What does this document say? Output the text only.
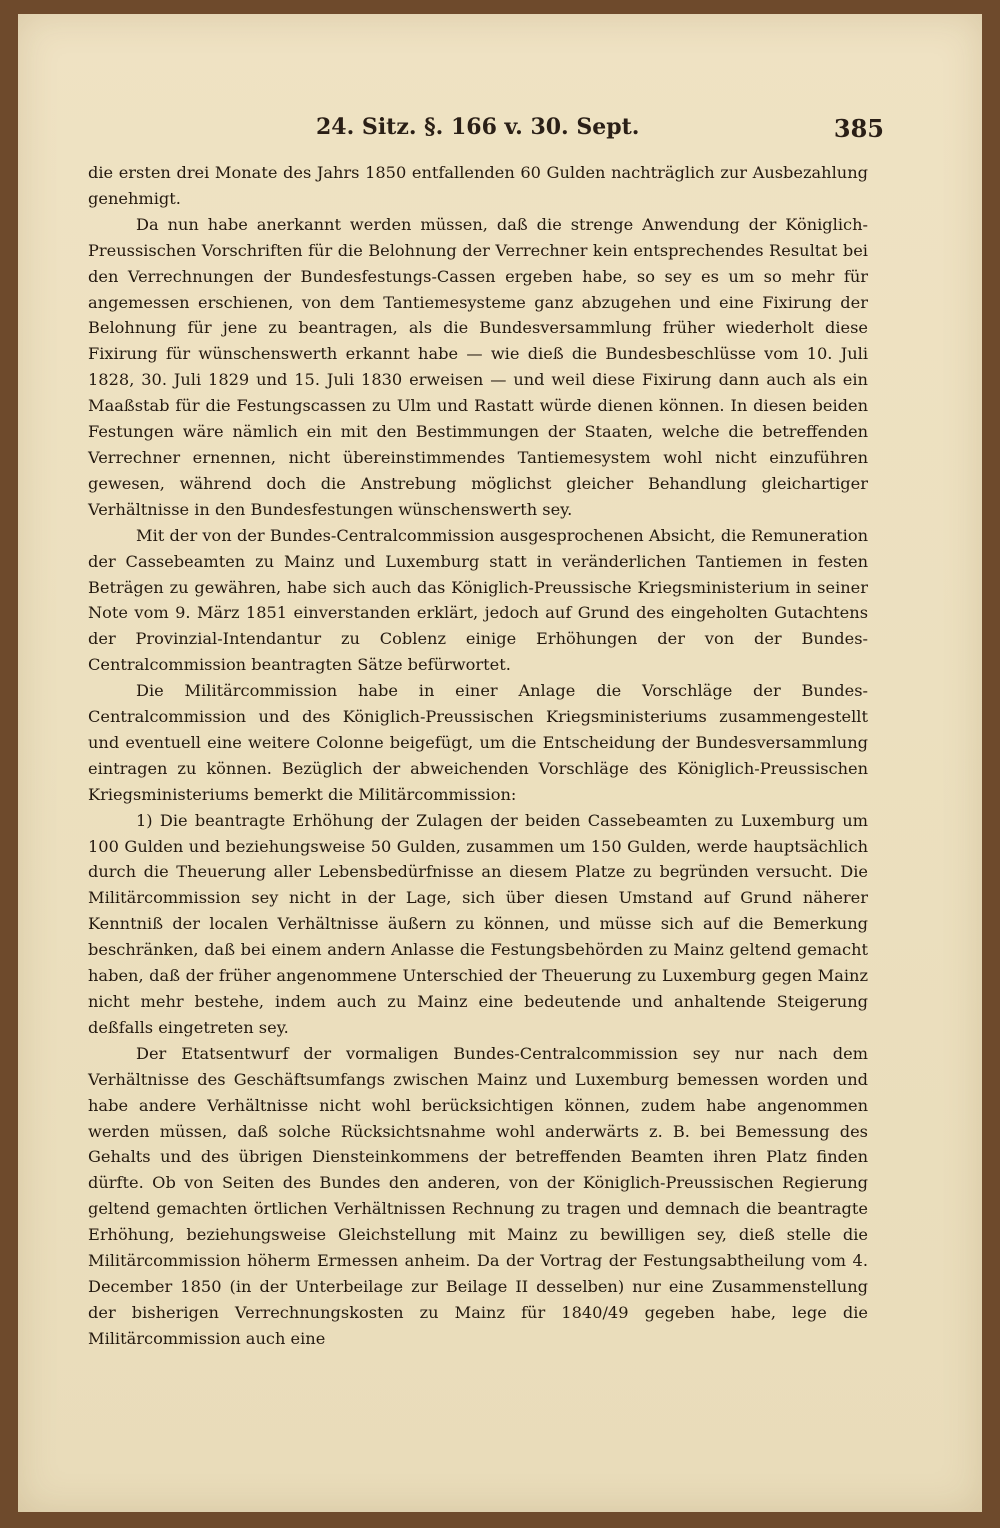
24. Sitz. §. 166 v. 30. Sept.	385

die ersten drei Monate des Jahrs 1850 entfallenden 60 Gulden nachträglich zur Ausbezahlung genehmigt.

Da nun habe anerkannt werden müssen, daß die strenge Anwendung der Königlich-Preussischen Vorschriften für die Belohnung der Verrechner kein entsprechendes Resultat bei den Verrechnungen der Bundesfestungs-Cassen ergeben habe, so sey es um so mehr für angemessen erschienen, von dem Tantiemesysteme ganz abzugehen und eine Fixirung der Belohnung für jene zu beantragen, als die Bundesversammlung früher wiederholt diese Fixirung für wünschenswerth erkannt habe — wie dieß die Bundesbeschlüsse vom 10. Juli 1828, 30. Juli 1829 und 15. Juli 1830 erweisen — und weil diese Fixirung dann auch als ein Maaßstab für die Festungscassen zu Ulm und Rastatt würde dienen können. In diesen beiden Festungen wäre nämlich ein mit den Bestimmungen der Staaten, welche die betreffenden Verrechner ernennen, nicht übereinstimmendes Tantiemesystem wohl nicht einzuführen gewesen, während doch die Anstrebung möglichst gleicher Behandlung gleichartiger Verhältnisse in den Bundesfestungen wünschenswerth sey.

Mit der von der Bundes-Centralcommission ausgesprochenen Absicht, die Remuneration der Cassebeamten zu Mainz und Luxemburg statt in veränderlichen Tantiemen in festen Beträgen zu gewähren, habe sich auch das Königlich-Preussische Kriegsministerium in seiner Note vom 9. März 1851 einverstanden erklärt, jedoch auf Grund des eingeholten Gutachtens der Provinzial-Intendantur zu Coblenz einige Erhöhungen der von der Bundes-Centralcommission beantragten Sätze befürwortet.

Die Militärcommission habe in einer Anlage die Vorschläge der Bundes-Centralcommission und des Königlich-Preussischen Kriegsministeriums zusammengestellt und eventuell eine weitere Colonne beigefügt, um die Entscheidung der Bundesversammlung eintragen zu können. Bezüglich der abweichenden Vorschläge des Königlich-Preussischen Kriegsministeriums bemerkt die Militärcommission:

1) Die beantragte Erhöhung der Zulagen der beiden Cassebeamten zu Luxemburg um 100 Gulden und beziehungsweise 50 Gulden, zusammen um 150 Gulden, werde hauptsächlich durch die Theuerung aller Lebensbedürfnisse an diesem Platze zu begründen versucht. Die Militärcommission sey nicht in der Lage, sich über diesen Umstand auf Grund näherer Kenntniß der localen Verhältnisse äußern zu können, und müsse sich auf die Bemerkung beschränken, daß bei einem andern Anlasse die Festungsbehörden zu Mainz geltend gemacht haben, daß der früher angenommene Unterschied der Theuerung zu Luxemburg gegen Mainz nicht mehr bestehe, indem auch zu Mainz eine bedeutende und anhaltende Steigerung deßfalls eingetreten sey.

Der Etatsentwurf der vormaligen Bundes-Centralcommission sey nur nach dem Verhältnisse des Geschäftsumfangs zwischen Mainz und Luxemburg bemessen worden und habe andere Verhältnisse nicht wohl berücksichtigen können, zudem habe angenommen werden müssen, daß solche Rücksichtsnahme wohl anderwärts z. B. bei Bemessung des Gehalts und des übrigen Diensteinkommens der betreffenden Beamten ihren Platz finden dürfte. Ob von Seiten des Bundes den anderen, von der Königlich-Preussischen Regierung geltend gemachten örtlichen Verhältnissen Rechnung zu tragen und demnach die beantragte Erhöhung, beziehungsweise Gleichstellung mit Mainz zu bewilligen sey, dieß stelle die Militärcommission höherm Ermessen anheim. Da der Vortrag der Festungsabtheilung vom 4. December 1850 (in der Unterbeilage zur Beilage II desselben) nur eine Zusammenstellung der bisherigen Verrechnungskosten zu Mainz für 1840/49 gegeben habe, lege die Militärcommission auch eine
